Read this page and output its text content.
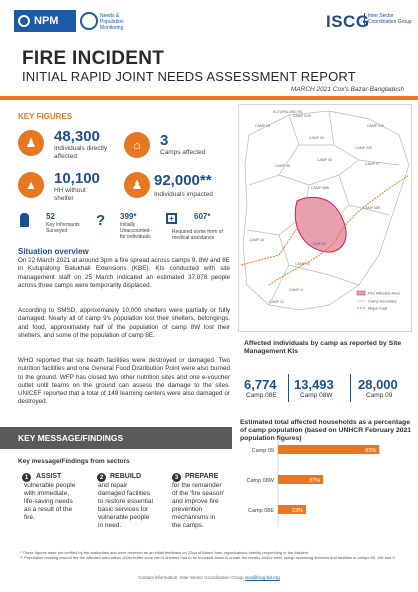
NPM	Needs & Population Monitoring	ISCG
Inter Sector Coordination Group
FIRE INCIDENT
INITIAL RAPID JOINT NEEDS ASSESSMENT REPORT
MARCH 2021 Cox's Bazar-Bangladesh
KEY FIGURES
♟	48,300
Individuals directly affected
⌂	3
Camps affected
▲	10,100
HH without shelter
♟ 92,000**
Individuals impacted
52
Key Informants Surveyed
? 399*
Initially Unaccounted -for individuals
+	607*
Required some form of medical assistance
Situation overview
On 22 March 2021 at around 3pm a fire spread across camps 9, 8W and 8E in Kutupalong Balukhali Extensions (KBE). KIs conducted with site management staff on 25 March indicated an estimated 37,078 people across three camps were temporarily displaced.
According to SMSD, approximately 10,000 shelters were partially or fully damaged. Nearly all of camp 9's population lost their shelters, belongings, and food, approximately half of the population of camp 8W lost their shelters, and some of the population of camp 8E.
WHO reported that six health facilities were destroyed or damaged. Two nutrition facilities and one General Food Distribution Point were also burned to the ground. WFP has closed two other nutrition sites and one e-voucher outlet until teams on the ground can assess the damage to the sites. UNICEF reported that a total of 149 learning centers were also damaged or destroyed.
KUTUPALONG RC
CAMP 01W
CAMP 01E
CAMP 03
CAMP 04
CAMP 02E
CAMP 06
CAMP 07
CAMP 05
CAMP 08W
CAMP 08E
CAMP 09
CAMP 10
CAMP 18
CAMP 11
CAMP 12
Fire Affected Area
Camp boundary
Major road
Affected individuals by camp as reported by Site Management KIs
6,774
Camp 08E
13,493
Camp 08W
28,000
Camp 09
KEY MESSAGE/FINDINGS
Key message/Findings from sectors
1	ASSIST
vulnerable people with immediate, life-saving needs as a result of the fire.
2 REBUILD
and repair damaged facilities to restore essential basic services for vulnerable people in need.
3 PREPARE
for the remainder of the 'fire season' and improve fire prevention mechanisms in the camps.
Estimated total affected households as a percentage of camp population (based on UNHCR February 2021 population figures)
Camp 09	83%
Camp 08W	37%
Camp 08E	23%
* These figures were not verified by the authorities and were received as an initial feedback on 22nd of March from organizations directly responding to the incident.
** Population residing around the fire affected area within 100m buffer zone who's shelters had to be knocked down to create fire breaks and/or were using/ accessing services and facilities in camps 8E, 8W and 9.
Contact information: Inter Sector Coordination Group isca@iscg-bd.org
